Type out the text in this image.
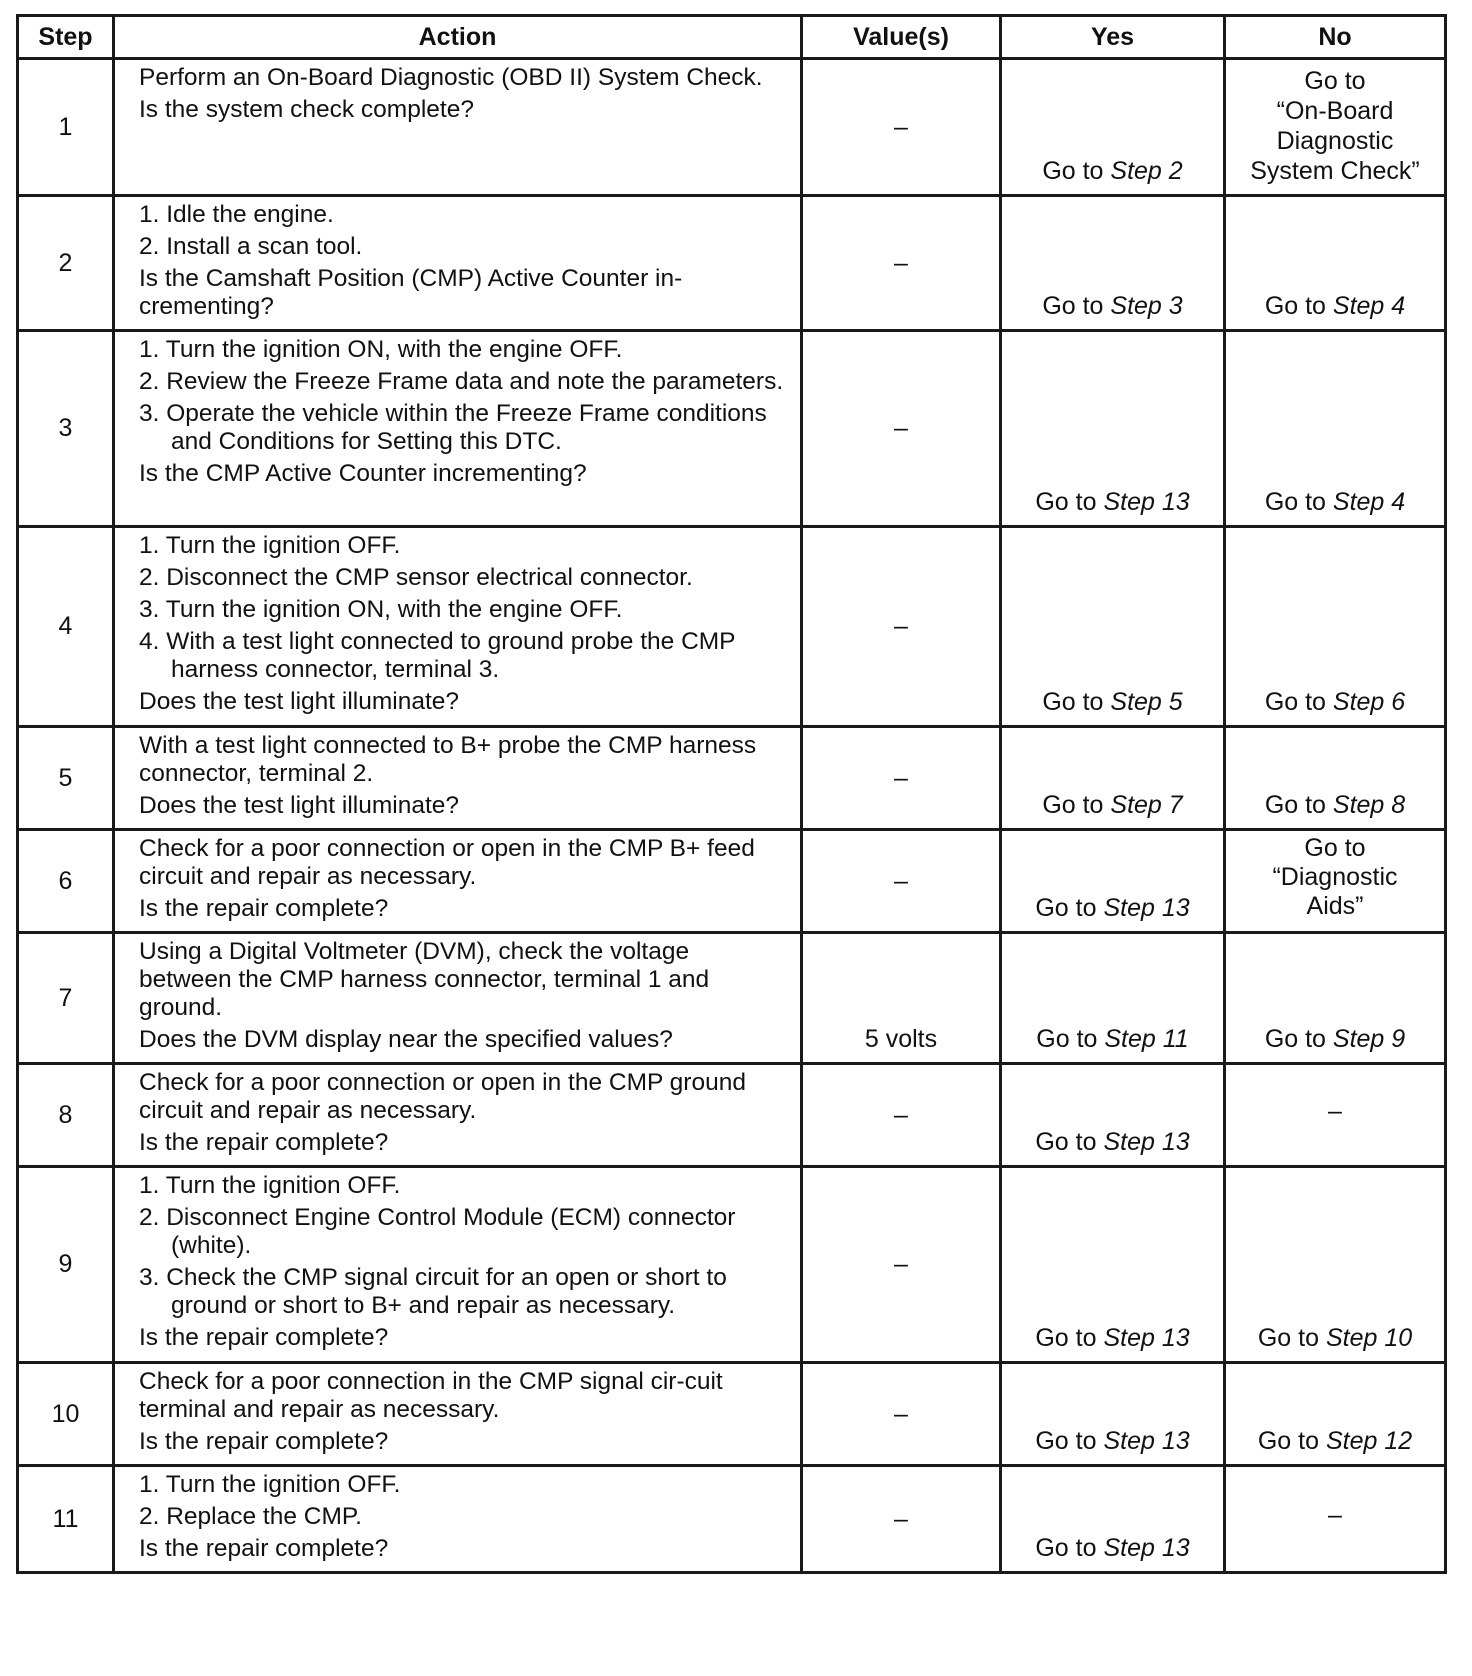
Step	Action	Value(s)	Yes	No
1	Perform an On-Board Diagnostic (OBD II) System Check.
Is the system check complete?	–	Go to Step 2	Go to
“On-Board
Diagnostic
System Check”

2	1. Idle the engine.
2. Install a scan tool.
Is the Camshaft Position (CMP) Active Counter in-crementing?	–	Go to Step 3	Go to Step 4
3	1. Turn the ignition ON, with the engine OFF.
2. Review the Freeze Frame data and note the parameters.
3. Operate the vehicle within the Freeze Frame conditions and Conditions for Setting this DTC.
Is the CMP Active Counter incrementing?	–	Go to Step 13	Go to Step 4
4	1. Turn the ignition OFF.
2. Disconnect the CMP sensor electrical connector.
3. Turn the ignition ON, with the engine OFF.
4. With a test light connected to ground probe the CMP harness connector, terminal 3.
Does the test light illuminate?	–	Go to Step 5	Go to Step 6
5	With a test light connected to B+ probe the CMP harness connector, terminal 2.
Does the test light illuminate?	–	Go to Step 7	Go to Step 8
6	Check for a poor connection or open in the CMP B+ feed circuit and repair as necessary.
Is the repair complete?	–	Go to Step 13	Go to
“Diagnostic
Aids”

7	Using a Digital Voltmeter (DVM), check the voltage between the CMP harness connector, terminal 1 and ground.
Does the DVM display near the specified values?	5 volts	Go to Step 11	Go to Step 9
8	Check for a poor connection or open in the CMP ground circuit and repair as necessary.
Is the repair complete?	–	Go to Step 13	–
9	1. Turn the ignition OFF.
2. Disconnect Engine Control Module (ECM) connector (white).
3. Check the CMP signal circuit for an open or short to ground or short to B+ and repair as necessary.
Is the repair complete?	–	Go to Step 13	Go to Step 10
10	Check for a poor connection in the CMP signal cir-cuit terminal and repair as necessary.
Is the repair complete?	–	Go to Step 13	Go to Step 12
11	1. Turn the ignition OFF.
2. Replace the CMP.
Is the repair complete?	–	Go to Step 13	–
